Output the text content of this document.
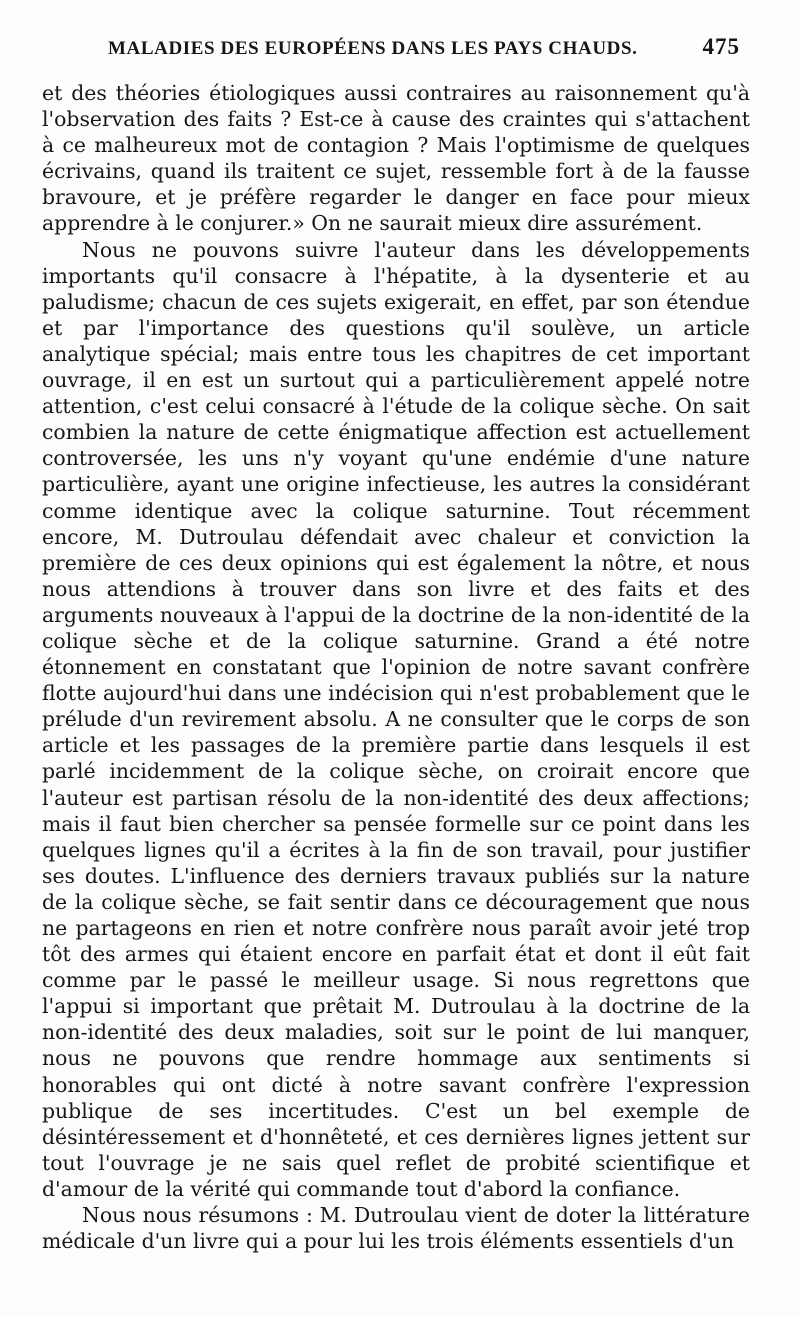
MALADIES DES EUROPÉENS DANS LES PAYS CHAUDS.	475

et des théories étiologiques aussi contraires au raisonnement qu'à l'observation des faits ? Est-ce à cause des craintes qui s'attachent à ce malheureux mot de contagion ? Mais l'optimisme de quelques écrivains, quand ils traitent ce sujet, ressemble fort à de la fausse bravoure, et je préfère regarder le danger en face pour mieux apprendre à le conjurer.» On ne saurait mieux dire assurément.

Nous ne pouvons suivre l'auteur dans les développements importants qu'il consacre à l'hépatite, à la dysenterie et au paludisme; chacun de ces sujets exigerait, en effet, par son étendue et par l'importance des questions qu'il soulève, un article analytique spécial; mais entre tous les chapitres de cet important ouvrage, il en est un surtout qui a particulièrement appelé notre attention, c'est celui consacré à l'étude de la colique sèche. On sait combien la nature de cette énigmatique affection est actuellement controversée, les uns n'y voyant qu'une endémie d'une nature particulière, ayant une origine infectieuse, les autres la considérant comme identique avec la colique saturnine. Tout récemment encore, M. Dutroulau défendait avec chaleur et conviction la première de ces deux opinions qui est également la nôtre, et nous nous attendions à trouver dans son livre et des faits et des arguments nouveaux à l'appui de la doctrine de la non-identité de la colique sèche et de la colique saturnine. Grand a été notre étonnement en constatant que l'opinion de notre savant confrère flotte aujourd'hui dans une indécision qui n'est probablement que le prélude d'un revirement absolu. A ne consulter que le corps de son article et les passages de la première partie dans lesquels il est parlé incidemment de la colique sèche, on croirait encore que l'auteur est partisan résolu de la non-identité des deux affections; mais il faut bien chercher sa pensée formelle sur ce point dans les quelques lignes qu'il a écrites à la fin de son travail, pour justifier ses doutes. L'influence des derniers travaux publiés sur la nature de la colique sèche, se fait sentir dans ce découragement que nous ne partageons en rien et notre confrère nous paraît avoir jeté trop tôt des armes qui étaient encore en parfait état et dont il eût fait comme par le passé le meilleur usage. Si nous regrettons que l'appui si important que prêtait M. Dutroulau à la doctrine de la non-identité des deux maladies, soit sur le point de lui manquer, nous ne pouvons que rendre hommage aux sentiments si honorables qui ont dicté à notre savant confrère l'expression publique de ses incertitudes. C'est un bel exemple de désintéressement et d'honnêteté, et ces dernières lignes jettent sur tout l'ouvrage je ne sais quel reflet de probité scientifique et d'amour de la vérité qui commande tout d'abord la confiance.

Nous nous résumons : M. Dutroulau vient de doter la littérature médicale d'un livre qui a pour lui les trois éléments essentiels d'un
